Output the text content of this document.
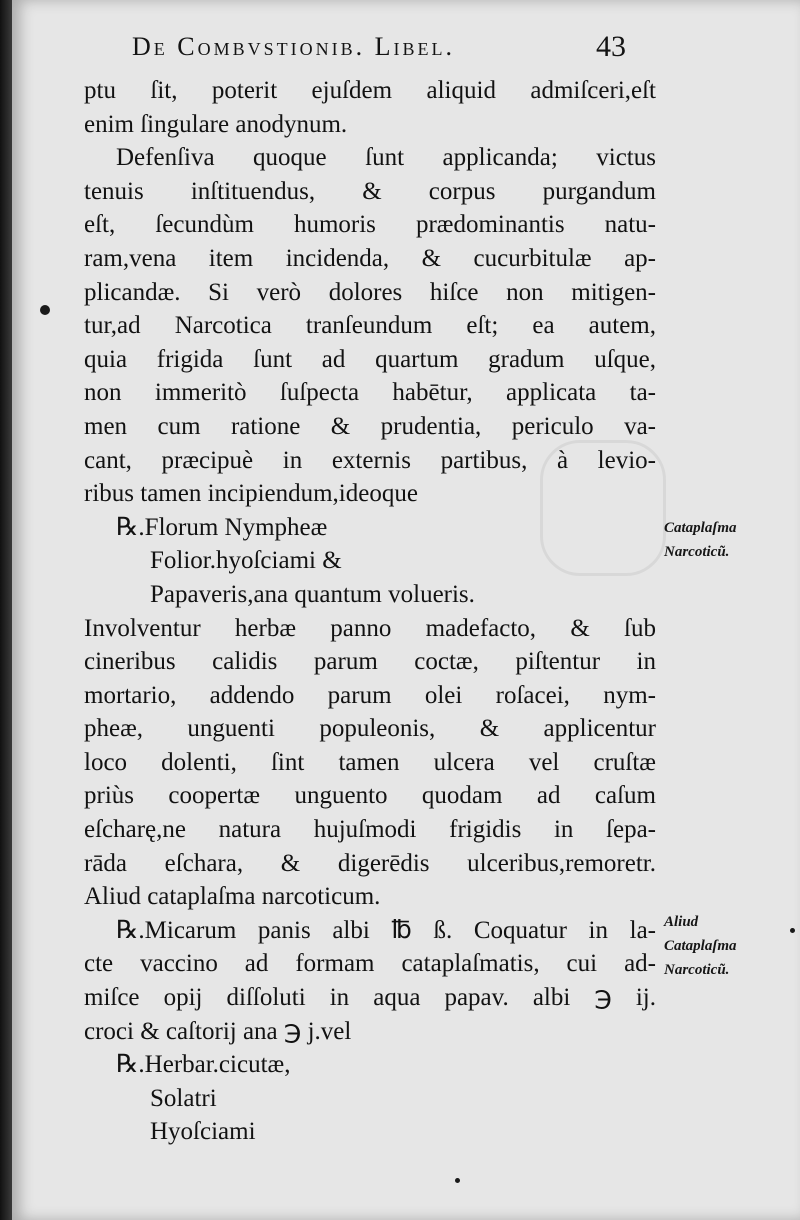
De Combvstionib. Libel.	43
ptu ſit, poterit ejuſdem aliquid admiſceri,eſt
enim ſingulare anodynum.
Defenſiva quoque ſunt applicanda; victus
tenuis inſtituendus, & corpus purgandum
eſt, ſecundùm humoris prædominantis natu-
ram,vena item incidenda, & cucurbitulæ ap-
plicandæ. Si verò dolores hiſce non mitigen-
tur,ad Narcotica tranſeundum eſt; ea autem,
quia frigida ſunt ad quartum gradum uſque,
non immeritò ſuſpecta habētur, applicata ta-
men cum ratione & prudentia, periculo va-
cant, præcipuè in externis partibus, à levio-
ribus tamen incipiendum,ideoque
℞.Florum Nympheæ
Folior.hyoſciami &
Papaveris,ana quantum volueris.
Involventur herbæ panno madefacto, & ſub
cineribus calidis parum coctæ, piſtentur in
mortario, addendo parum olei roſacei, nym-
pheæ, unguenti populeonis, & applicentur
loco dolenti, ſint tamen ulcera vel cruſtæ
priùs coopertæ unguento quodam ad caſum
eſcharę,ne natura hujuſmodi frigidis in ſepa-
rāda eſchara, & digerēdis ulceribus,remoretr.
Aliud cataplaſma narcoticum.
℞.Micarum panis albi ℔ ß. Coquatur in la-
cte vaccino ad formam cataplaſmatis, cui ad-
miſce opij diſſoluti in aqua papav. albi ℈ ij.
croci & caſtorij ana ℈ j.vel
℞.Herbar.cicutæ,
Solatri
Hyoſciami
Cataplaſma
Narcoticũ.
Aliud
Cataplaſma
Narcoticũ.
